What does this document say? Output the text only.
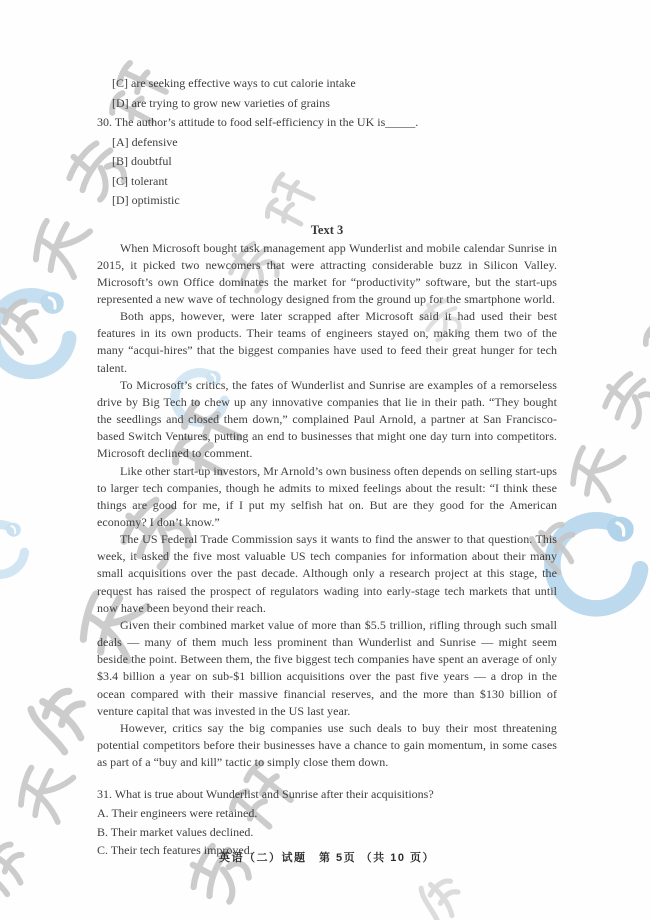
[C] are seeking effective ways to cut calorie intake
[D] are trying to grow new varieties of grains
30. The author’s attitude to food self-efficiency in the UK is_____.
[A] defensive
[B] doubtful
[C] tolerant
[D] optimistic
Text 3

When Microsoft bought task management app Wunderlist and mobile calendar Sunrise in 2015, it picked two newcomers that were attracting considerable buzz in Silicon Valley. Microsoft’s own Office dominates the market for “productivity” software, but the start-ups represented a new wave of technology designed from the ground up for the smartphone world.

Both apps, however, were later scrapped after Microsoft said it had used their best features in its own products. Their teams of engineers stayed on, making them two of the many “acqui-hires” that the biggest companies have used to feed their great hunger for tech talent.

To Microsoft’s critics, the fates of Wunderlist and Sunrise are examples of a remorseless drive by Big Tech to chew up any innovative companies that lie in their path. “They bought the seedlings and closed them down,” complained Paul Arnold, a partner at San Francisco-based Switch Ventures, putting an end to businesses that might one day turn into competitors. Microsoft declined to comment.

Like other start-up investors, Mr Arnold’s own business often depends on selling start-ups to larger tech companies, though he admits to mixed feelings about the result: “I think these things are good for me, if I put my selfish hat on. But are they good for the American economy? I don’t know.”

The US Federal Trade Commission says it wants to find the answer to that question. This week, it asked the five most valuable US tech companies for information about their many small acquisitions over the past decade. Although only a research project at this stage, the request has raised the prospect of regulators wading into early-stage tech markets that until now have been beyond their reach.

Given their combined market value of more than $5.5 trillion, rifling through such small deals — many of them much less prominent than Wunderlist and Sunrise — might seem beside the point. Between them, the five biggest tech companies have spent an average of only $3.4 billion a year on sub-$1 billion acquisitions over the past five years — a drop in the ocean compared with their massive financial reserves, and the more than $130 billion of venture capital that was invested in the US last year.

However, critics say the big companies use such deals to buy their most threatening potential competitors before their businesses have a chance to gain momentum, in some cases as part of a “buy and kill” tactic to simply close them down.

31. What is true about Wunderlist and Sunrise after their acquisitions?
A. Their engineers were retained.
B. Their market values declined.
C. Their tech features improved.
英语（二）试题　第 5页 （共 10 页）
